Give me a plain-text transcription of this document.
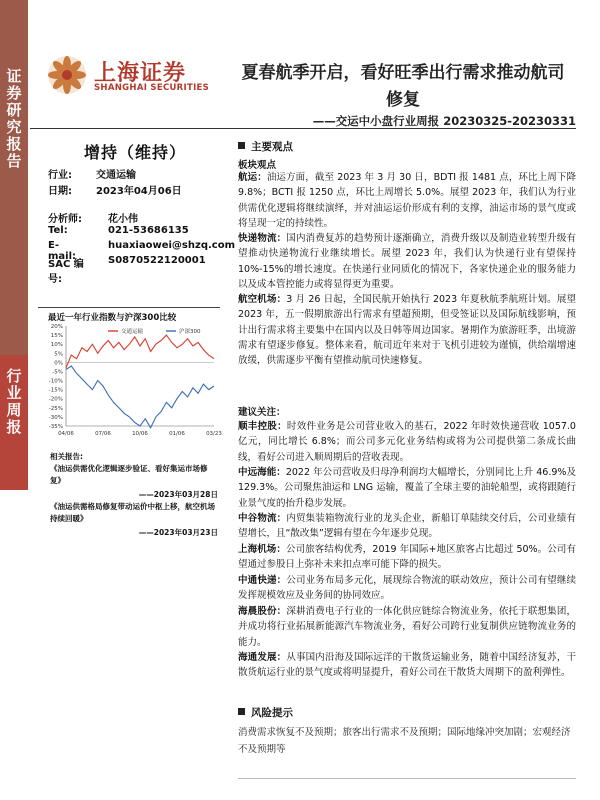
证券研究报告
行业周报
上海证券
SHANGHAI SECURITIES
夏春航季开启，看好旺季出行需求推动航司修复
——交运中小盘行业周报 20230325-20230331
增持（维持）
行业: 交通运输
日期: 2023年04月06日
分析师:	花小伟
Tel:	021-53686135
E-mail:
huaxiaowei@shzq.com
SAC 编号:
S0870522120001
最近一年行业指数与沪深300比较
20%
15%
10%
5%
0%
-5%
-10%
-15%
-20%
-25%
-30%
-35%
04/06	07/06	10/06	01/06	03/23
交通运输	沪深300
相关报告:
《油运供需优化逻辑逐步验证、看好集运市场修复》
——2023年03月28日
《油运供需格局修复带动运价中枢上移，航空机场持续回暖》
——2023年03月23日
主要观点
板块观点
航运：油运方面，截至 2023 年 3 月 30 日，BDTI 报 1481 点，环比上周下降 9.8%；BCTI 报 1250 点，环比上周增长 5.0%。展望 2023 年，我们认为行业供需优化逻辑将继续演绎，并对油运运价形成有利的支撑，油运市场的景气度或将呈现一定的持续性。
快递物流：国内消费复苏的趋势预计逐渐确立，消费升级以及制造业转型升级有望推动快递物流行业继续增长。展望 2023 年，我们认为快递行业有望保持 10%-15%的增长速度。在快递行业同质化的情况下，各家快递企业的服务能力以及成本管控能力或将显得更为重要。
航空机场：3 月 26 日起，全国民航开始执行 2023 年夏秋航季航班计划。展望 2023 年，五一假期旅游出行需求有望超预期，但受签证以及国际航线影响，预计出行需求将主要集中在国内以及日韩等周边国家。暑期作为旅游旺季，出境游需求有望逐步修复。整体来看，航司近年来对于飞机引进较为谨慎，供给端增速放缓，供需逐步平衡有望推动航司快速修复。
建议关注：
顺丰控股：时效件业务是公司营业收入的基石，2022 年时效快递营收 1057.0 亿元，同比增长 6.8%；而公司多元化业务结构或将为公司提供第二条成长曲线，看好公司进入顺周期后的营收表现。
中远海能：2022 年公司营收及归母净利润均大幅增长，分别同比上升 46.9%及 129.3%。公司聚焦油运和 LNG 运输，覆盖了全球主要的油轮船型，或将跟随行业景气度的抬升稳步发展。
中谷物流：内贸集装箱物流行业的龙头企业，新船订单陆续交付后，公司业绩有望增长，且“散改集”逻辑有望在今年逐步兑现。
上海机场：公司旅客结构优秀，2019 年国际+地区旅客占比超过 50%。公司有望通过参股日上弥补未来扣点率可能下降的损失。
中通快递：公司业务布局多元化，展现综合物流的联动效应，预计公司有望继续发挥规模效应及业务间的协同效应。
海晨股份：深耕消费电子行业的一体化供应链综合物流业务，依托于联想集团，并成功将行业拓展新能源汽车物流业务，看好公司跨行业复制供应链物流业务的能力。
海通发展：从事国内沿海及国际远洋的干散货运输业务，随着中国经济复苏，干散货航运行业的景气度或将明显提升，看好公司在干散货大周期下的盈利弹性。
风险提示
消费需求恢复不及预期；旅客出行需求不及预期；国际地缘冲突加剧；宏观经济不及预期等
